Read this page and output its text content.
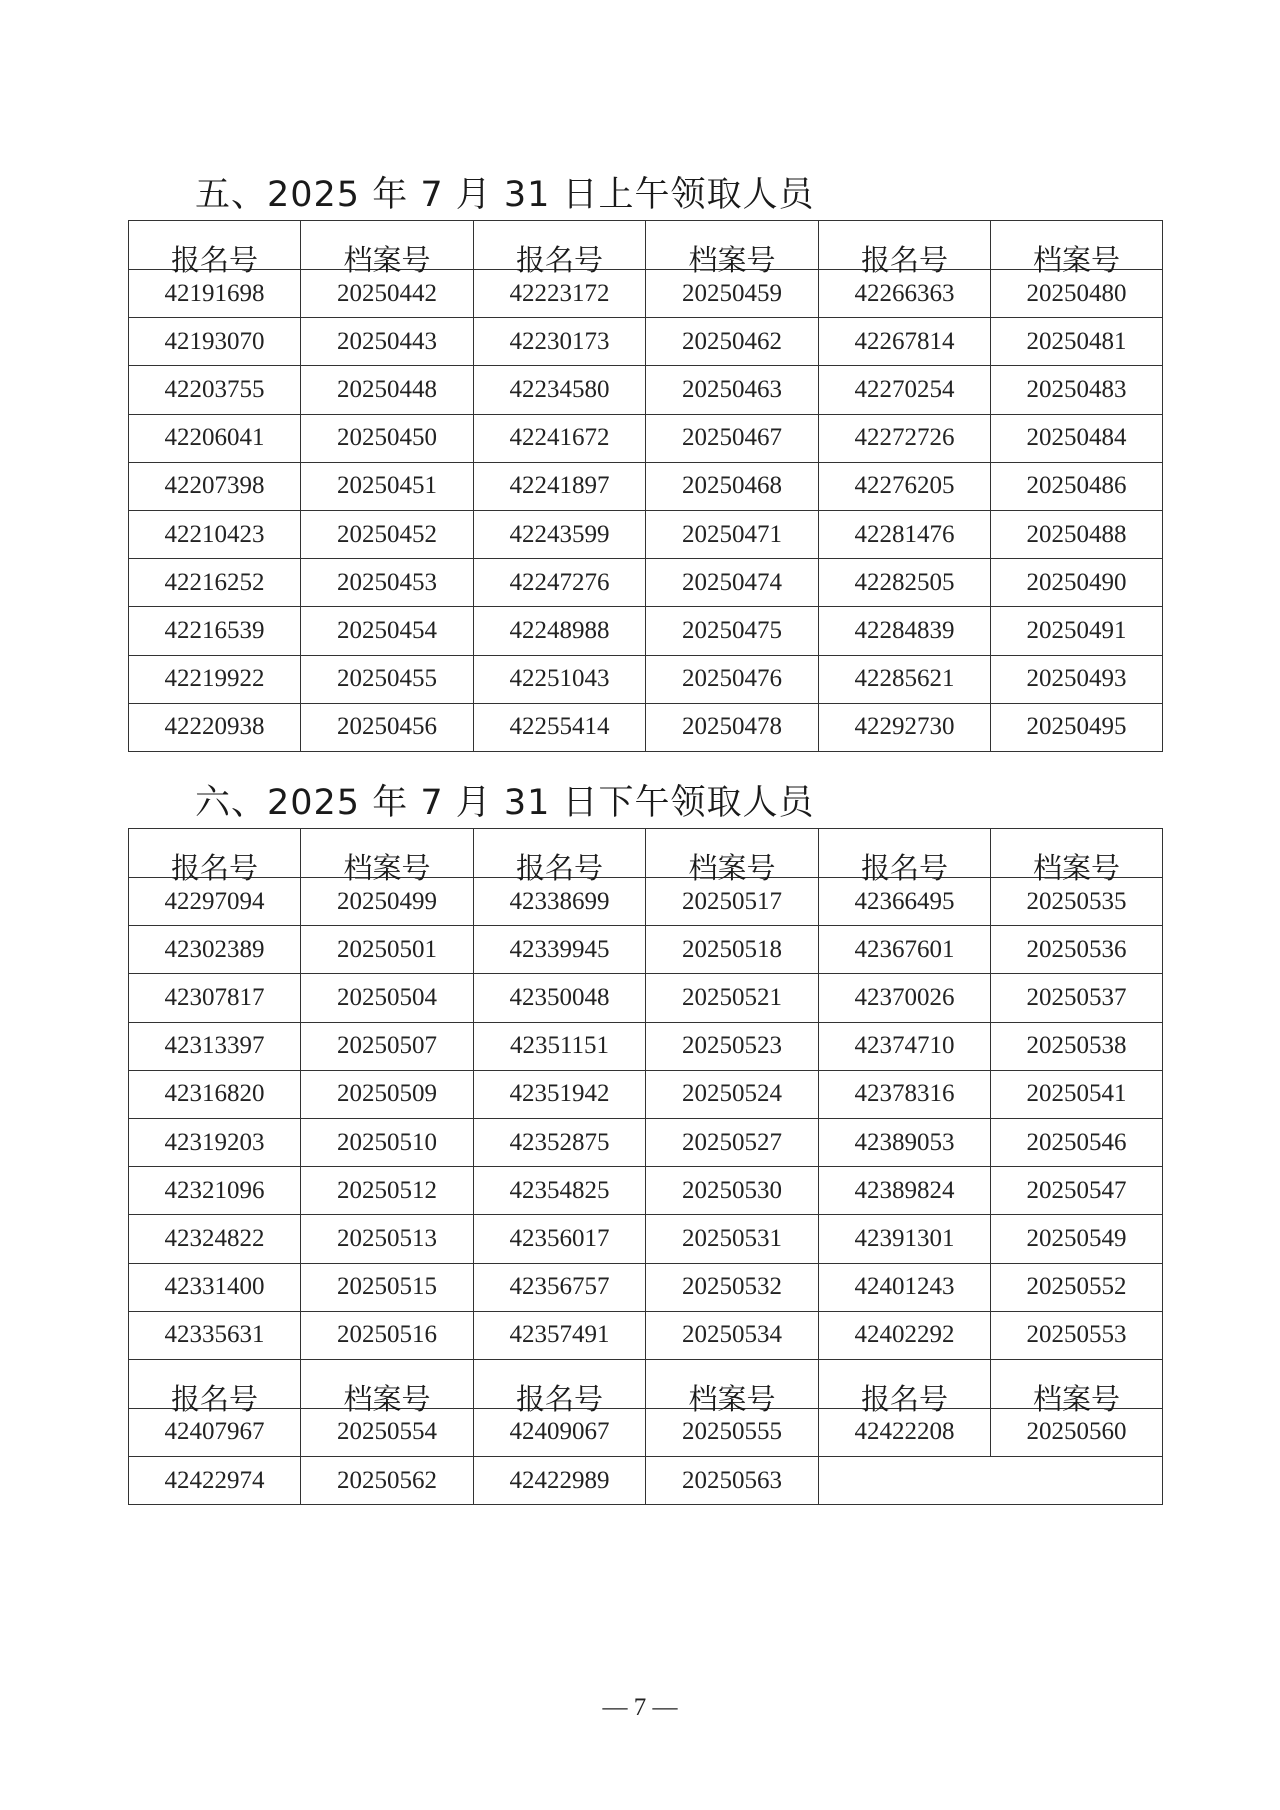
五、2025 年 7 月 31 日上午领取人员
报名号	档案号	报名号	档案号	报名号	档案号
42191698	20250442	42223172	20250459	42266363	20250480
42193070	20250443	42230173	20250462	42267814	20250481
42203755	20250448	42234580	20250463	42270254	20250483
42206041	20250450	42241672	20250467	42272726	20250484
42207398	20250451	42241897	20250468	42276205	20250486
42210423	20250452	42243599	20250471	42281476	20250488
42216252	20250453	42247276	20250474	42282505	20250490
42216539	20250454	42248988	20250475	42284839	20250491
42219922	20250455	42251043	20250476	42285621	20250493
42220938	20250456	42255414	20250478	42292730	20250495
六、2025 年 7 月 31 日下午领取人员
报名号	档案号	报名号	档案号	报名号	档案号
42297094	20250499	42338699	20250517	42366495	20250535
42302389	20250501	42339945	20250518	42367601	20250536
42307817	20250504	42350048	20250521	42370026	20250537
42313397	20250507	42351151	20250523	42374710	20250538
42316820	20250509	42351942	20250524	42378316	20250541
42319203	20250510	42352875	20250527	42389053	20250546
42321096	20250512	42354825	20250530	42389824	20250547
42324822	20250513	42356017	20250531	42391301	20250549
42331400	20250515	42356757	20250532	42401243	20250552
42335631	20250516	42357491	20250534	42402292	20250553
报名号	档案号	报名号	档案号	报名号	档案号
42407967	20250554	42409067	20250555	42422208	20250560
42422974	20250562	42422989	20250563		
— 7 —
